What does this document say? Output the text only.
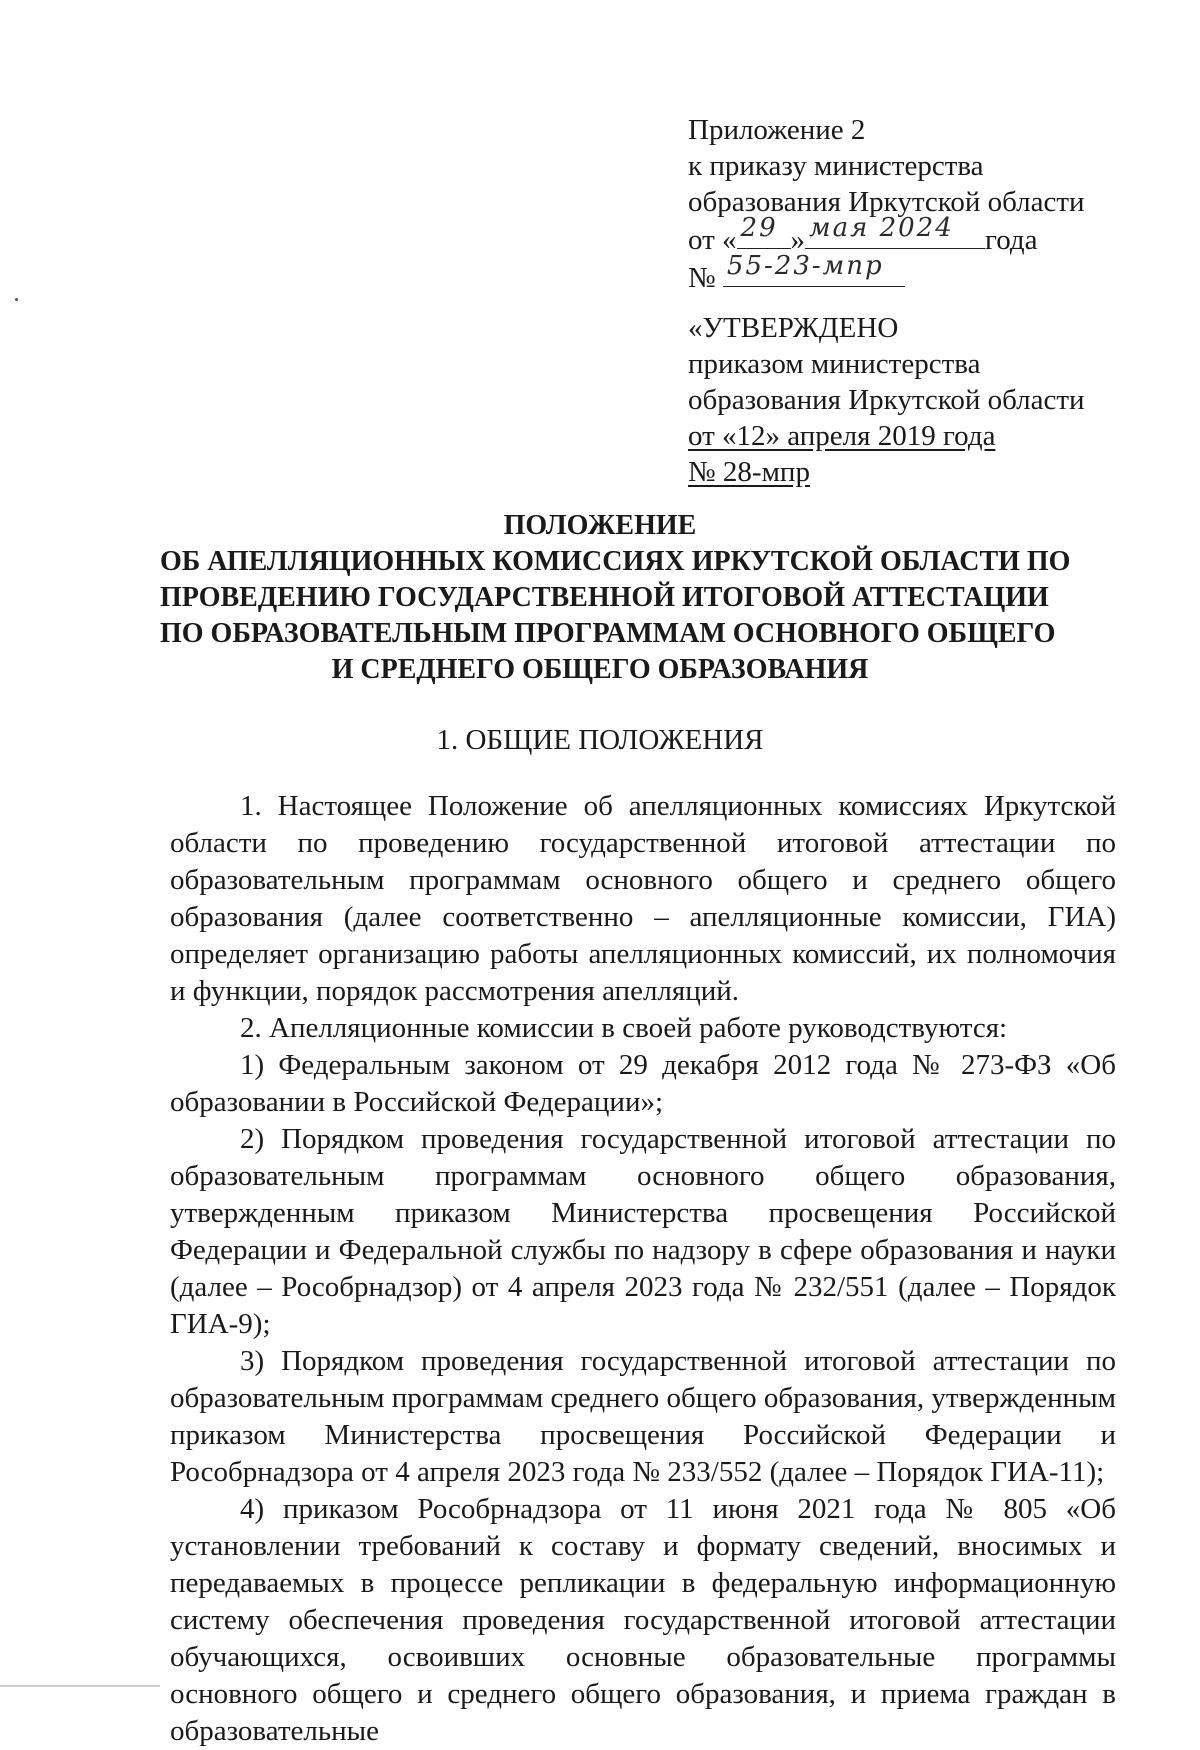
Приложение 2
к приказу министерства
образования Иркутской области
от « 29 » мая 2024 года
№ 55-23-мпр
«УТВЕРЖДЕНО
приказом министерства
образования Иркутской области
от «12» апреля 2019 года
№ 28-мпр
ПОЛОЖЕНИЕ
ОБ АПЕЛЛЯЦИОННЫХ КОМИССИЯХ ИРКУТСКОЙ ОБЛАСТИ ПО
ПРОВЕДЕНИЮ ГОСУДАРСТВЕННОЙ ИТОГОВОЙ АТТЕСТАЦИИ
ПО ОБРАЗОВАТЕЛЬНЫМ ПРОГРАММАМ ОСНОВНОГО ОБЩЕГО
И СРЕДНЕГО ОБЩЕГО ОБРАЗОВАНИЯ
1. ОБЩИЕ ПОЛОЖЕНИЯ

1. Настоящее Положение об апелляционных комиссиях Иркутской области по проведению государственной итоговой аттестации по образовательным программам основного общего и среднего общего образования (далее соответственно – апелляционные комиссии, ГИА) определяет организацию работы апелляционных комиссий, их полномочия и функции, порядок рассмотрения апелляций.

2. Апелляционные комиссии в своей работе руководствуются:

1) Федеральным законом от 29 декабря 2012 года № 273-ФЗ «Об образовании в Российской Федерации»;

2) Порядком проведения государственной итоговой аттестации по образовательным программам основного общего образования, утвержденным приказом Министерства просвещения Российской Федерации и Федеральной службы по надзору в сфере образования и науки (далее – Рособрнадзор) от 4 апреля 2023 года № 232/551 (далее – Порядок ГИА-9);

3) Порядком проведения государственной итоговой аттестации по образовательным программам среднего общего образования, утвержденным приказом Министерства просвещения Российской Федерации и Рособрнадзора от 4 апреля 2023 года № 233/552 (далее – Порядок ГИА-11);

4) приказом Рособрнадзора от 11 июня 2021 года № 805 «Об установлении требований к составу и формату сведений, вносимых и передаваемых в процессе репликации в федеральную информационную систему обеспечения проведения государственной итоговой аттестации обучающихся, освоивших основные образовательные программы основного общего и среднего общего образования, и приема граждан в образовательные
